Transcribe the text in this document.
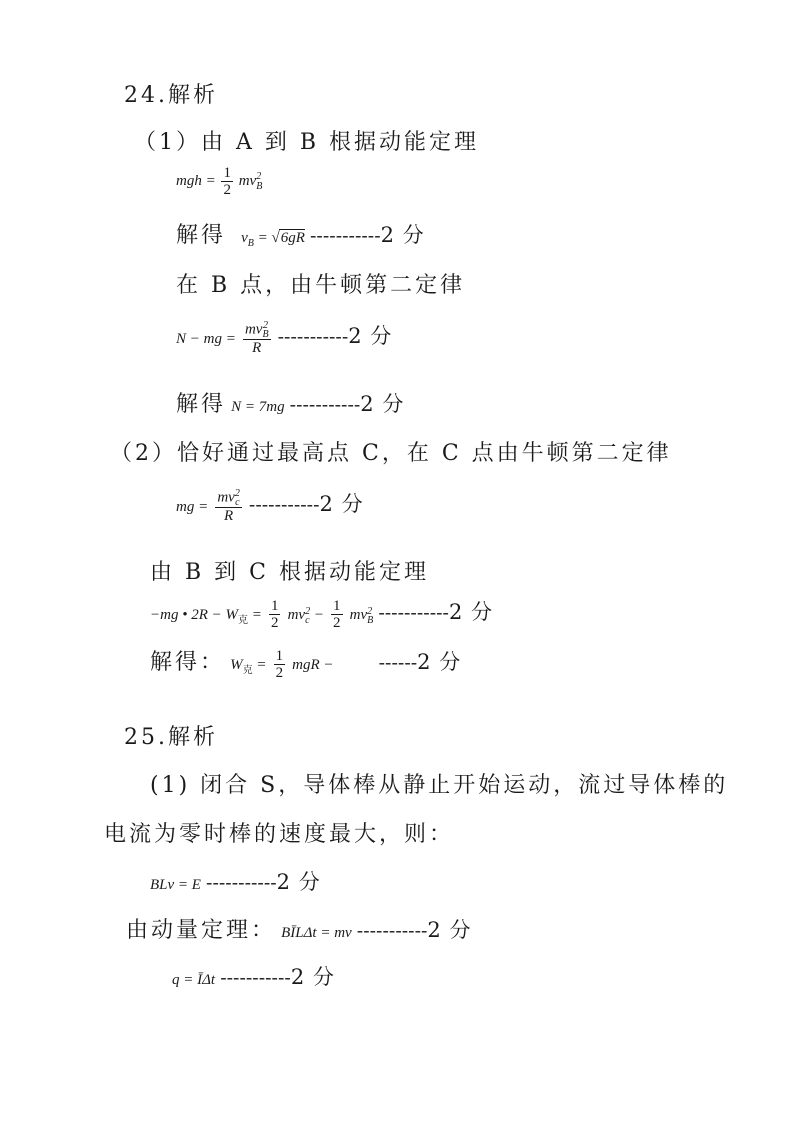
24.解析
（1）由 A 到 B 根据动能定理
mgh = $\frac{1}{2}$ mv 2
B
解得 $v_B = √6gR$ -----------2 分
在 B 点，由牛顿第二定律
N − mg = mv 2
B
R -----------2 分
解得 N = 7mg -----------2 分
（2）恰好通过最高点 C，在 C 点由牛顿第二定律
mg = mv 2
c
R -----------2 分
由 B 到 C 根据动能定理
−mg • $2R - W_克 = \frac{1}{2}$ mv 2
$c - \frac{1}{2}$ mv 2
B -----------2 分
解得： $W_克 = \frac{1}{2}$ mgR − ------2 分
25.解析
(1) 闭合 S，导体棒从静止开始运动，流过导体棒的
电流为零时棒的速度最大，则：
BLv = E -----------2 分
由动量定理： BĪLΔt = mv -----------2 分
q = ĪΔt -----------2 分
